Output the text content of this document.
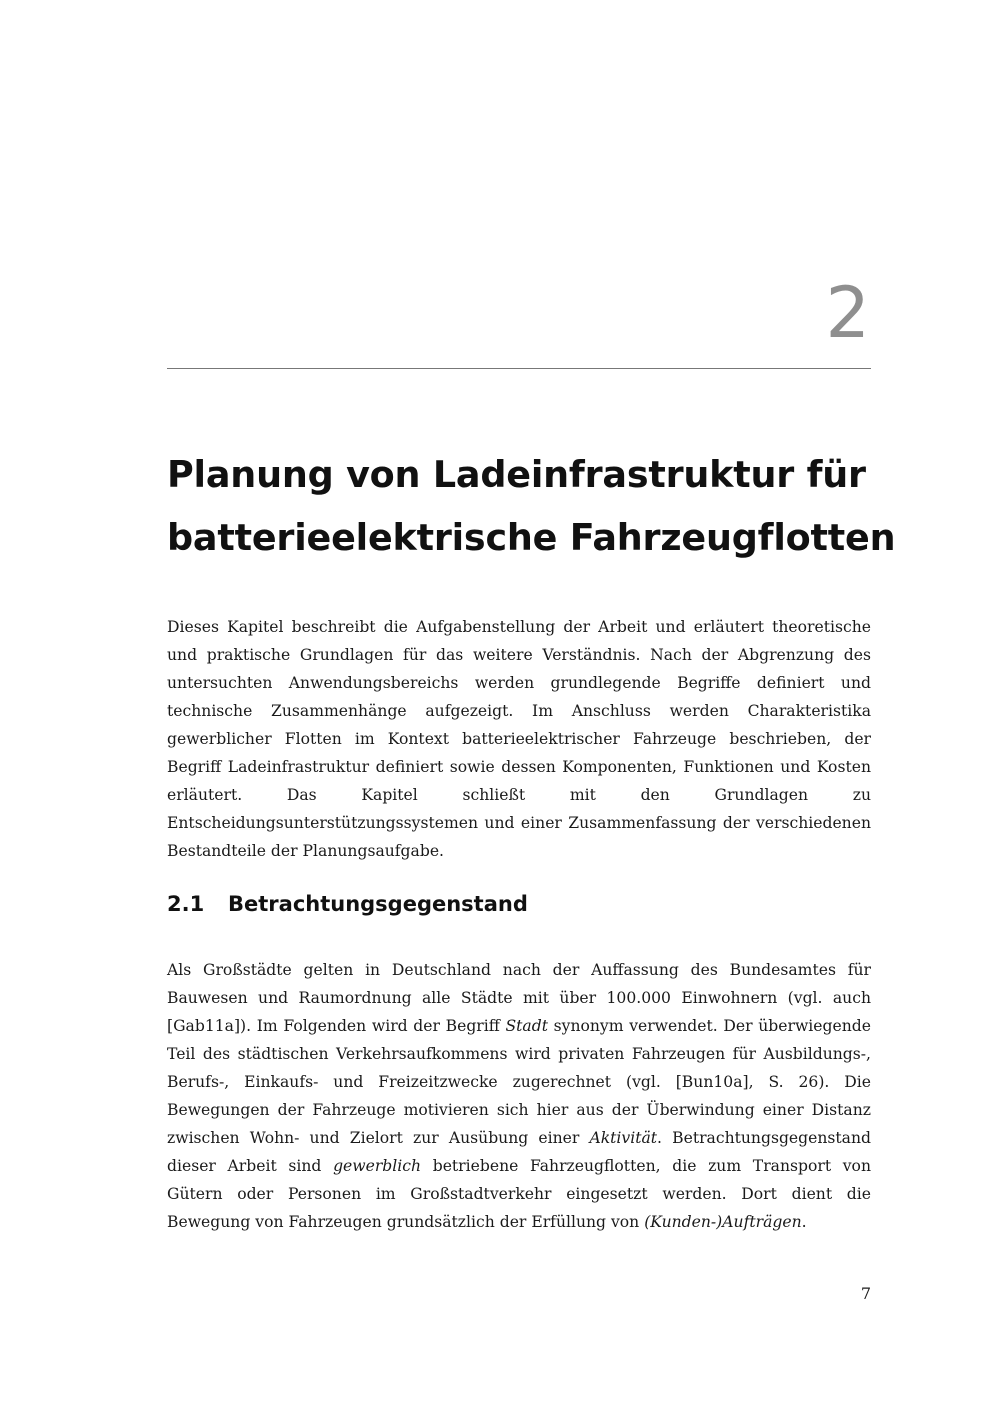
2
Planung von Ladeinfrastruktur für
batterieelektrische Fahrzeugflotten

Dieses Kapitel beschreibt die Aufgabenstellung der Arbeit und erläutert theoretische und praktische Grundlagen für das weitere Verständnis. Nach der Abgrenzung des untersuchten Anwendungsbereichs werden grundlegende Begriffe definiert und technische Zusammenhänge aufgezeigt. Im Anschluss werden Charakteristika gewerblicher Flotten im Kontext batterieelektrischer Fahrzeuge beschrieben, der Begriff Ladeinfrastruktur definiert sowie dessen Komponenten, Funktionen und Kosten erläutert. Das Kapitel schließt mit den Grundlagen zu Entscheidungsunterstützungssystemen und einer Zusammenfassung der verschiedenen Bestandteile der Planungsaufgabe.

2.1 Betrachtungsgegenstand

Als Großstädte gelten in Deutschland nach der Auffassung des Bundesamtes für Bauwesen und Raumordnung alle Städte mit über 100.000 Einwohnern (vgl. auch [Gab11a]). Im Folgenden wird der Begriff Stadt synonym verwendet. Der überwiegende Teil des städtischen Verkehrsaufkommens wird privaten Fahrzeugen für Ausbildungs-, Berufs-, Einkaufs- und Freizeitzwecke zugerechnet (vgl. [Bun10a], S. 26). Die Bewegungen der Fahrzeuge motivieren sich hier aus der Überwindung einer Distanz zwischen Wohn- und Zielort zur Ausübung einer Aktivität. Betrachtungsgegenstand dieser Arbeit sind gewerblich betriebene Fahrzeugflotten, die zum Transport von Gütern oder Personen im Großstadtverkehr eingesetzt werden. Dort dient die Bewegung von Fahrzeugen grundsätzlich der Erfüllung von (Kunden-)Aufträgen.

7
